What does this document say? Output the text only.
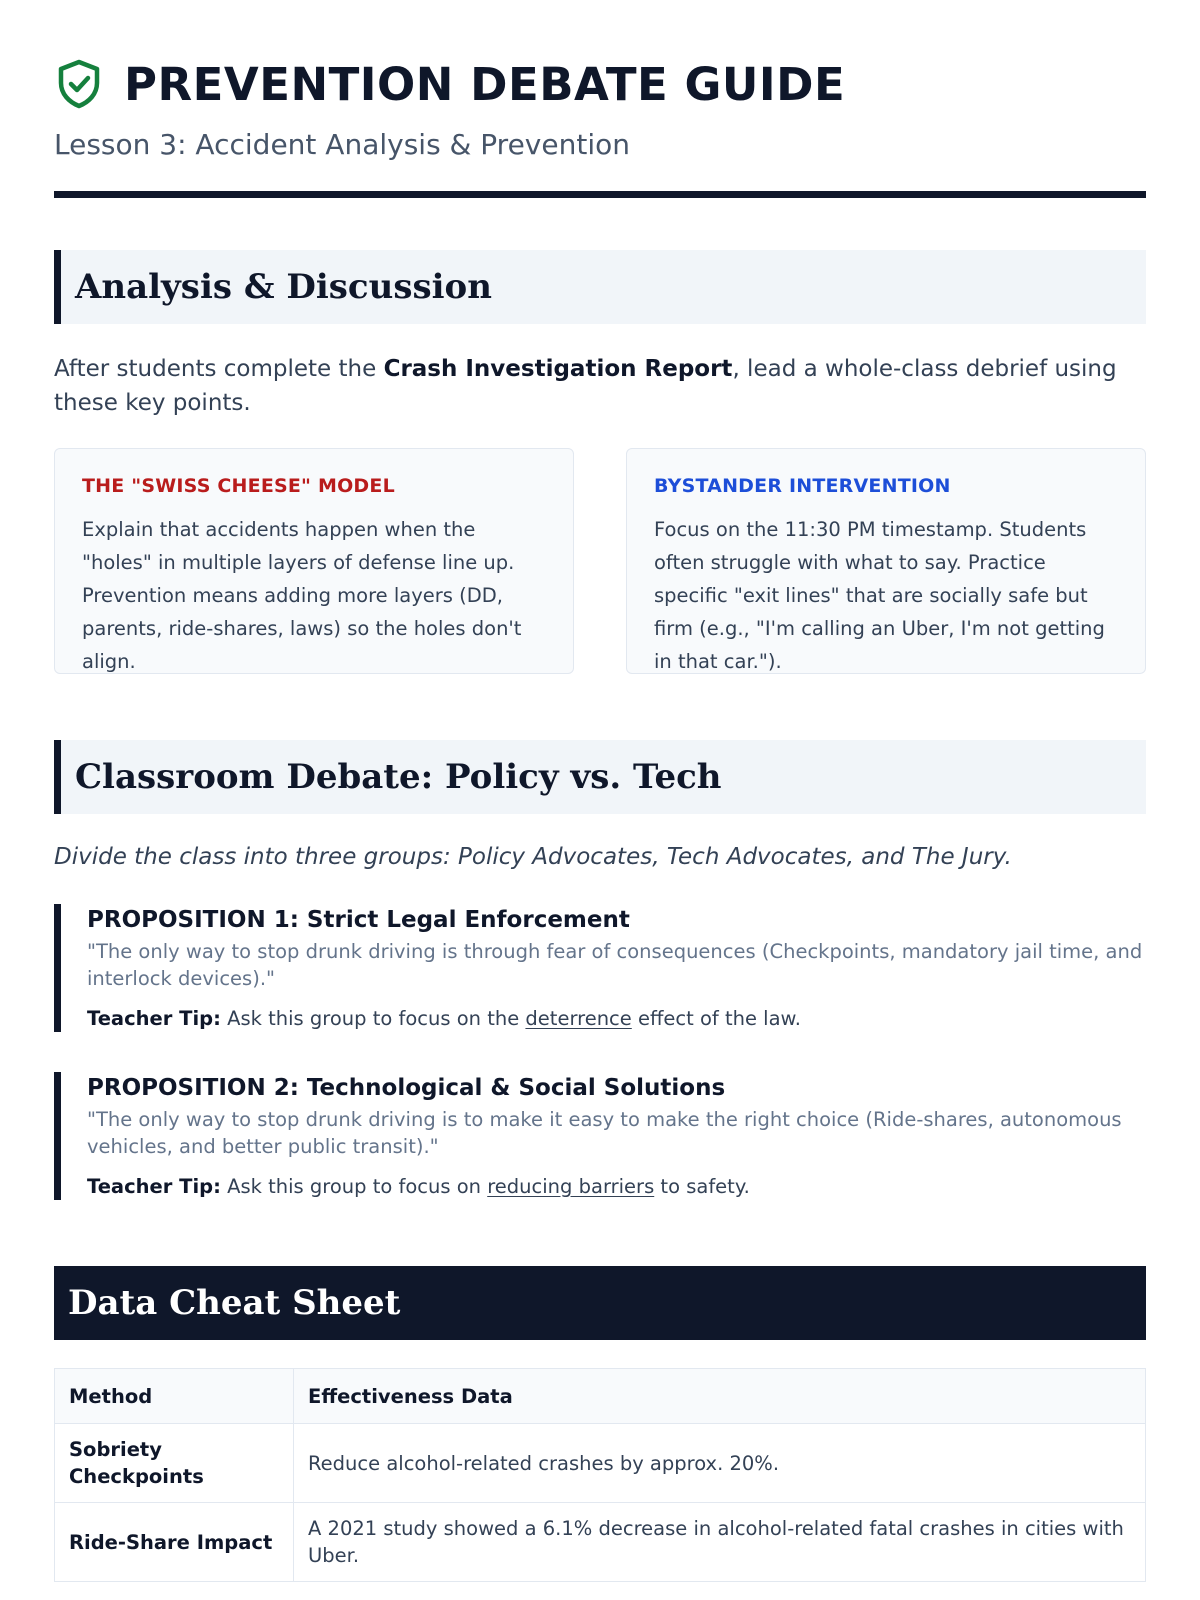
PREVENTION DEBATE GUIDE

Lesson 3: Accident Analysis & Prevention

Analysis & Discussion

After students complete the Crash Investigation Report, lead a whole-class debrief using these key points.

THE "SWISS CHEESE" MODEL

Explain that accidents happen when the "holes" in multiple layers of defense line up. Prevention means adding more layers (DD, parents, ride-shares, laws) so the holes don't align.

BYSTANDER INTERVENTION

Focus on the 11:30 PM timestamp. Students often struggle with what to say. Practice specific "exit lines" that are socially safe but firm (e.g., "I'm calling an Uber, I'm not getting in that car.").

Classroom Debate: Policy vs. Tech

Divide the class into three groups: Policy Advocates, Tech Advocates, and The Jury.

PROPOSITION 1: Strict Legal Enforcement

"The only way to stop drunk driving is through fear of consequences (Checkpoints, mandatory jail time, and interlock devices)."

Teacher Tip: Ask this group to focus on the deterrence effect of the law.

PROPOSITION 2: Technological & Social Solutions

"The only way to stop drunk driving is to make it easy to make the right choice (Ride-shares, autonomous vehicles, and better public transit)."

Teacher Tip: Ask this group to focus on reducing barriers to safety.

Data Cheat Sheet
Method	Effectiveness Data
Sobriety Checkpoints	Reduce alcohol-related crashes by approx. 20%.
Ride-Share Impact	A 2021 study showed a 6.1% decrease in alcohol-related fatal crashes in cities with Uber.
